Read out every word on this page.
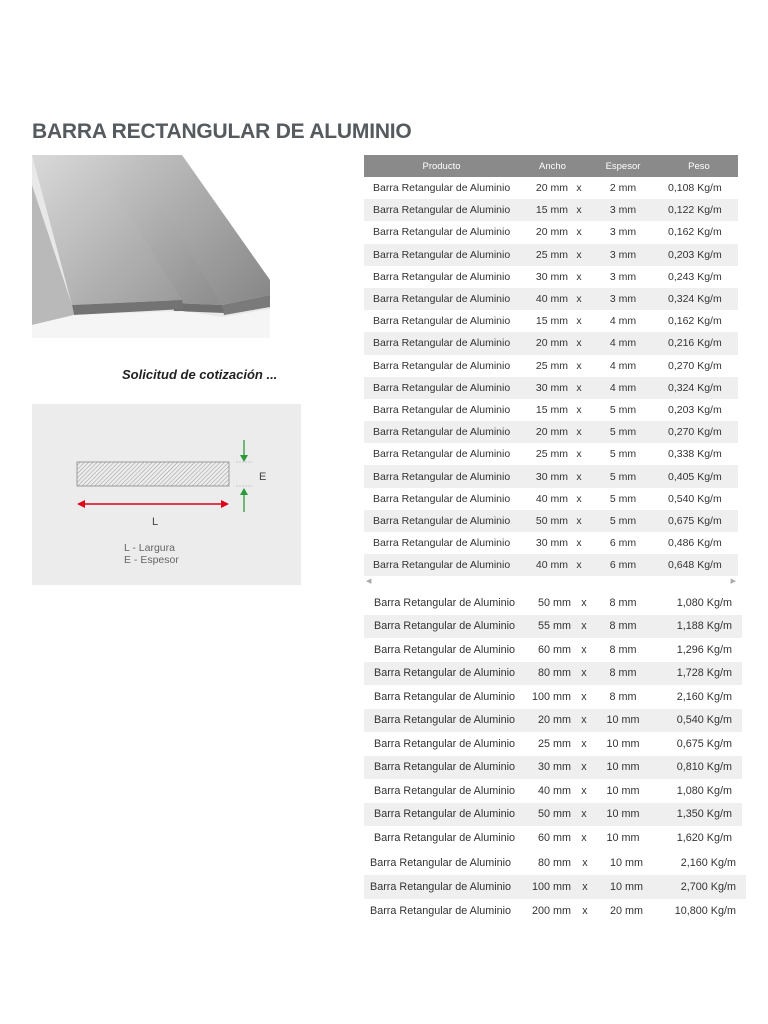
BARRA RECTANGULAR DE ALUMINIO
Solicitud de cotización ...
E
L
L - Largura
E - Espesor
Producto	Ancho		Espesor	Peso
Barra Retangular de Aluminio	20 mm	x	2 mm	0,108 Kg/m
Barra Retangular de Aluminio	15 mm	x	3 mm	0,122 Kg/m
Barra Retangular de Aluminio	20 mm	x	3 mm	0,162 Kg/m
Barra Retangular de Aluminio	25 mm	x	3 mm	0,203 Kg/m
Barra Retangular de Aluminio	30 mm	x	3 mm	0,243 Kg/m
Barra Retangular de Aluminio	40 mm	x	3 mm	0,324 Kg/m
Barra Retangular de Aluminio	15 mm	x	4 mm	0,162 Kg/m
Barra Retangular de Aluminio	20 mm	x	4 mm	0,216 Kg/m
Barra Retangular de Aluminio	25 mm	x	4 mm	0,270 Kg/m
Barra Retangular de Aluminio	30 mm	x	4 mm	0,324 Kg/m
Barra Retangular de Aluminio	15 mm	x	5 mm	0,203 Kg/m
Barra Retangular de Aluminio	20 mm	x	5 mm	0,270 Kg/m
Barra Retangular de Aluminio	25 mm	x	5 mm	0,338 Kg/m
Barra Retangular de Aluminio	30 mm	x	5 mm	0,405 Kg/m
Barra Retangular de Aluminio	40 mm	x	5 mm	0,540 Kg/m
Barra Retangular de Aluminio	50 mm	x	5 mm	0,675 Kg/m
Barra Retangular de Aluminio	30 mm	x	6 mm	0,486 Kg/m
Barra Retangular de Aluminio	40 mm	x	6 mm	0,648 Kg/m
◀	▶
Barra Retangular de Aluminio	50 mm	x	8 mm	1,080 Kg/m
Barra Retangular de Aluminio	55 mm	x	8 mm	1,188 Kg/m
Barra Retangular de Aluminio	60 mm	x	8 mm	1,296 Kg/m
Barra Retangular de Aluminio	80 mm	x	8 mm	1,728 Kg/m
Barra Retangular de Aluminio	100 mm	x	8 mm	2,160 Kg/m
Barra Retangular de Aluminio	20 mm	x	10 mm	0,540 Kg/m
Barra Retangular de Aluminio	25 mm	x	10 mm	0,675 Kg/m
Barra Retangular de Aluminio	30 mm	x	10 mm	0,810 Kg/m
Barra Retangular de Aluminio	40 mm	x	10 mm	1,080 Kg/m
Barra Retangular de Aluminio	50 mm	x	10 mm	1,350 Kg/m
Barra Retangular de Aluminio	60 mm	x	10 mm	1,620 Kg/m
Barra Retangular de Aluminio	80 mm	x	10 mm	2,160 Kg/m
Barra Retangular de Aluminio	100 mm	x	10 mm	2,700 Kg/m
Barra Retangular de Aluminio	200 mm	x	20 mm	10,800 Kg/m
